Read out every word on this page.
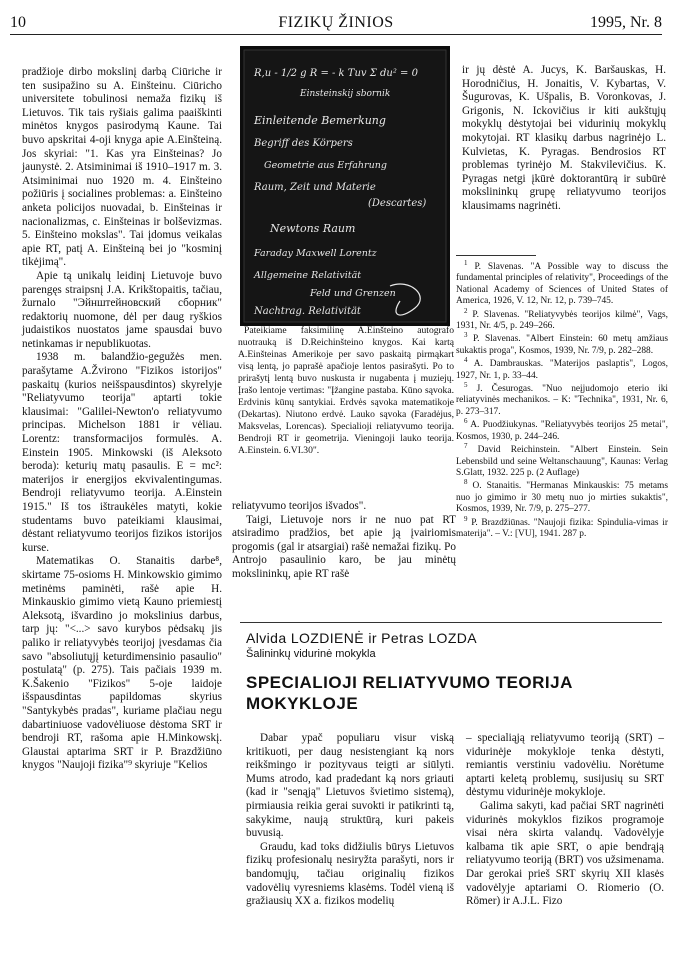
10	FIZIKŲ ŽINIOS	1995, Nr. 8

pradžioje dirbo mokslinį darbą Ciūriche ir ten susipažino su A. Einšteinu. Ciūricho universitete tobulinosi nemaža fizikų iš Lietuvos. Tik tais ryšiais galima paaiškinti minėtos knygos pasirodymą Kaune. Tai buvo apskritai 4-oji knyga apie A.Einšteiną. Jos skyriai: "1. Kas yra Einšteinas? Jo jaunystė. 2. Atsiminimai iš 1910–1917 m. 3. Atsiminimai nuo 1920 m. 4. Einšteino požiūris į socialines problemas: a. Einšteino anketa policijos nuovadai, b. Einšteinas ir nacionalizmas, c. Einšteinas ir bolševizmas. 5. Einšteino mokslas". Tai įdomus veikalas apie RT, patį A. Einšteiną bei jo "kosminį tikėjimą".

Apie tą unikalų leidinį Lietuvoje buvo parengęs straipsnį J.A. Krikštopaitis, tačiau, žurnalo "Эйнштейновский сборник" redaktorių nuomone, dėl per daug ryškios judaistikos nuostatos jame spausdai buvo netinkamas ir nepublikuotas.

1938 m. balandžio-gegužės men. parašytame A.Žvirono "Fizikos istorijos" paskaitų (kurios neišspausdintos) skyrelyje "Reliatyvumo teorija" aptarti tokie klausimai: "Galilei-Newton'o reliatyvumo principas. Michelson 1881 ir vėliau. Lorentz: transformacijos formulės. A. Einstein 1905. Minkowski (iš Aleksoto beroda): keturių matų pasaulis. E = mc²: materijos ir energijos ekvivalentingumas. Bendroji reliatyvumo teorija. A.Einstein 1915." Iš tos ištraukėles matyti, kokie studentams buvo pateikiami klausimai, dėstant reliatyvumo teorijos fizikos istorijos kurse.

Matematikas O. Stanaitis darbe⁸, skirtame 75-osioms H. Minkowskio gimimo metinėms paminėti, rašė apie H. Minkauskio gimimo vietą Kauno priemiestį Aleksotą, išvardino jo mokslinius darbus, tarp jų: "<...> savo kurybos pėdsakų jis paliko ir reliatyvybės teorijoj įvesdamas čia savo "absoliutųjį keturdimensinio pasaulio" postulatą" (p. 275). Tais pačiais 1939 m. K.Šakenio "Fizikos" 5-oje laidoje išspausdintas papildomas skyrius "Santykybės pradas", kuriame plačiau negu dabartiniuose vadovėliuose dėstoma SRT ir bendroji RT, rašoma apie H.Minkowskį. Glaustai aptarima SRT ir P. Brazdžiūno knygos "Naujoji fizika"⁹ skyriuje "Kelios

R,u - 1/2 g R = - k Tuv Σ du² = 0
Einsteinskij sbornik
Einleitende Bemerkung
Begriff des Körpers
Geometrie aus Erfahrung
Raum, Zeit und Materie
(Descartes)
Newtons Raum
Faraday Maxwell Lorentz
Allgemeine Relativität
Feld und Grenzen
Nachtrag. Relativität

Pateikiame faksimilinę A.Einšteino autografo nuotrauką iš D.Reichinšteino knygos. Kai kartą A.Einšteinas Amerikoje per savo paskaitą pirmąkart visą lentą, jo paprašė apačioje lentos pasirašyti. Po to prirašytį lentą buvo nuskusta ir nugabenta į muziejų. Įrašo lentoje vertimas: "Įžangine pastaba. Kūno sąvoka. Erdvinis kūnų santykiai. Erdvės sąvoka matematikoje (Dekartas). Niutono erdvė. Lauko sąvoka (Faradėjus, Maksvelas, Lorencas). Specialioji reliatyvumo teorija. Bendroji RT ir geometrija. Vieningoji lauko teorija. A.Einstein. 6.VI.30".

reliatyvumo teorijos išvados".

Taigi, Lietuvoje nors ir ne nuo pat RT atsiradimo pradžios, bet apie ją įvairiomis progomis (gal ir atsargiai) rašė nemažai fizikų. Po Antrojo pasaulinio karo, be jau minėtų mokslininkų, apie RT rašė

ir jų dėstė A. Jucys, K. Baršauskas, H. Horodničius, H. Jonaitis, V. Kybartas, V. Šugurovas, K. Ušpalis, B. Voronkovas, J. Grigonis, N. Ickovičius ir kiti aukštųjų mokyklų dėstytojai bei vidurinių mokyklų mokytojai. RT klasikų darbus nagrinėjo L. Kulvietas, K. Pyragas. Bendrosios RT problemas tyrinėjo M. Stakvilevičius. K. Pyragas netgi įkūrė doktorantūrą ir subūrė mokslininkų grupę reliatyvumo teorijos klausimams nagrinėti.

$^1$ P. Slavenas. "A Possible way to discuss the fundamental principles of relativity", Proceedings of the National Academy of Sciences of United States of America, 1926, V. 12, Nr. 12, p. 739–745.

$^2$ P. Slavenas. "Reliatyvybės teorijos kilmė", Vags, 1931, Nr. 4/5, p. 249–266.

$^3$ P. Slavenas. "Albert Einstein: 60 metų amžiaus sukaktis proga", Kosmos, 1939, Nr. 7/9, p. 282–288.

$^4$ A. Dambrauskas. "Materijos paslaptis", Logos, 1927, Nr. 1, p. 33–44.

$^5$ J. Česurogas. "Nuo neįjudomojo eterio iki reliatyvinės mechanikos. – K: "Technika", 1931, Nr. 6, p. 273–317.

$^6$ A. Puodžiukynas. "Reliatyvybės teorijos 25 metai", Kosmos, 1930, p. 244–246.

$^7$ David Reichinstein. "Albert Einstein. Sein Lebensbild und seine Weltanschauung", Kaunas: Verlag S.Glatt, 1932. 225 p. (2 Auflage)

$^8$ O. Stanaitis. "Hermanas Minkauskis: 75 metams nuo jo gimimo ir 30 metų nuo jo mirties sukaktis", Kosmos, 1939, Nr. 7/9, p. 275–277.

$^9$ P. Brazdžiūnas. "Naujoji fizika: Spindulia-vimas ir materija". – V.: [VU], 1941. 287 p.

Alvida LOZDIENĖ ir Petras LOZDA
Šalininkų vidurinė mokykla
SPECIALIOJI RELIATYVUMO TEORIJA MOKYKLOJE

Dabar ypač populiaru visur viską kritikuoti, per daug nesistengiant ką nors reikšmingo ir pozityvaus teigti ar siūlyti. Mums atrodo, kad pradedant ką nors griauti (kad ir "senąją" Lietuvos švietimo sistemą), pirmiausia reikia gerai suvokti ir patikrinti tą, sakykime, naują struktūrą, kuri pakeis buvusią.

Graudu, kad toks didžiulis būrys Lietuvos fizikų profesionalų nesiryžta parašyti, nors ir bandomųjų, tačiau originalių fizikos vadovėlių vyresniems klasėms. Todėl vieną iš gražiausių XX a. fizikos modelių

– specialiąją reliatyvumo teoriją (SRT) – vidurinėje mokykloje tenka dėstyti, remiantis verstiniu vadovėliu. Norėtume aptarti keletą problemų, susijusių su SRT dėstymu vidurinėje mokykloje.

Galima sakyti, kad pačiai SRT nagrinėti vidurinės mokyklos fizikos programoje visai nėra skirta valandų. Vadovėlyje kalbama tik apie SRT, o apie bendrąją reliatyvumo teoriją (BRT) vos užsimenama. Dar gerokai prieš SRT skyrių XII klasės vadovėlyje aptariami O. Riomerio (O. Römer) ir A.J.L. Fizo
